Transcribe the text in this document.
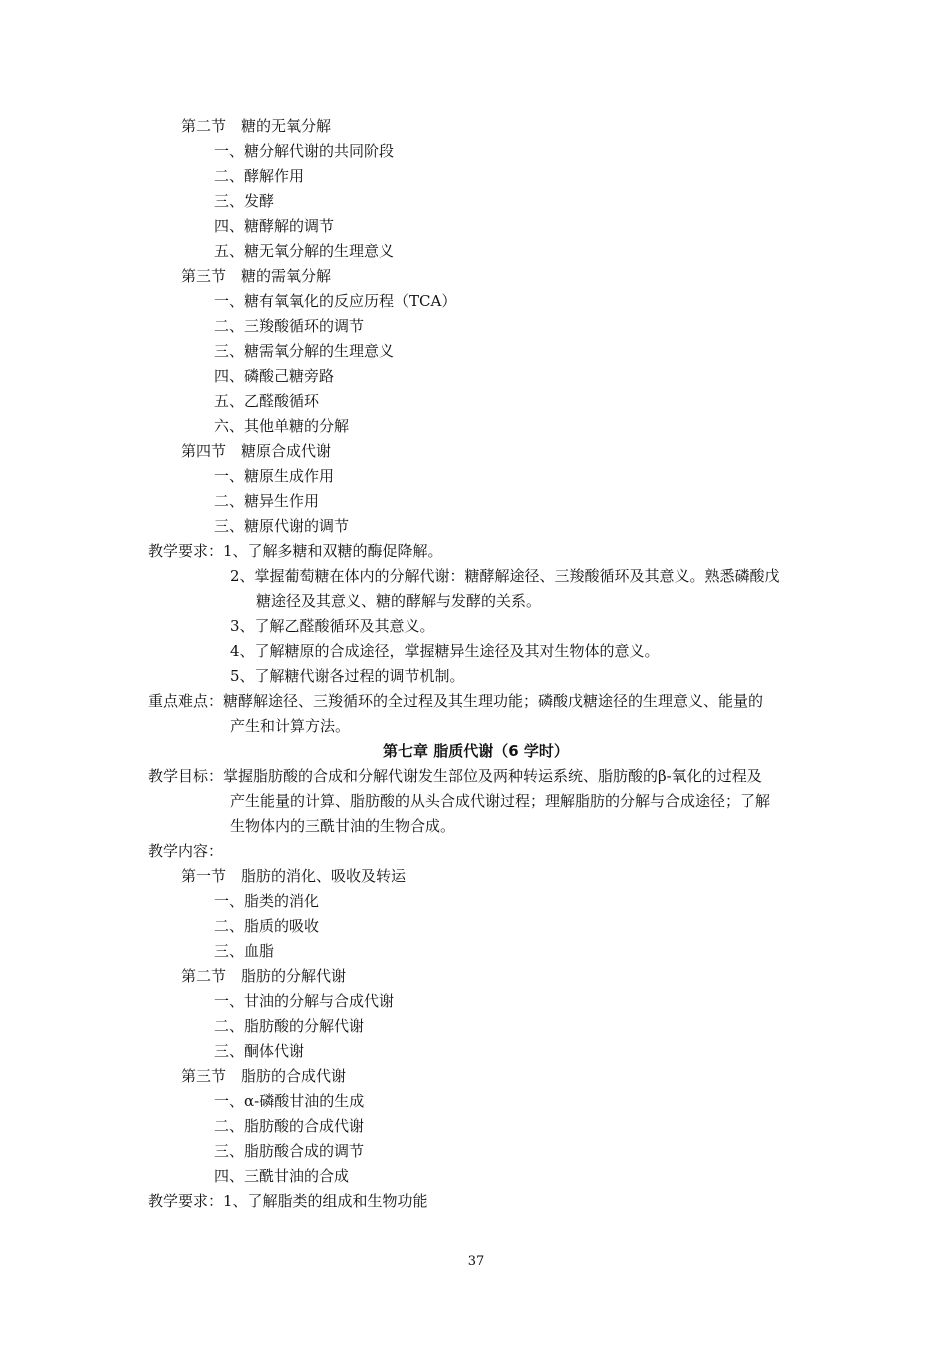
第二节　糖的无氧分解
一、糖分解代谢的共同阶段
二、酵解作用
三、发酵
四、糖酵解的调节
五、糖无氧分解的生理意义
第三节　糖的需氧分解
一、糖有氧氧化的反应历程（TCA）
二、三羧酸循环的调节
三、糖需氧分解的生理意义
四、磷酸己糖旁路
五、乙醛酸循环
六、其他单糖的分解
第四节　糖原合成代谢
一、糖原生成作用
二、糖异生作用
三、糖原代谢的调节
教学要求：1、了解多糖和双糖的酶促降解。
2、掌握葡萄糖在体内的分解代谢：糖酵解途径、三羧酸循环及其意义。熟悉磷酸戊
糖途径及其意义、糖的酵解与发酵的关系。
3、了解乙醛酸循环及其意义。
4、了解糖原的合成途径，掌握糖异生途径及其对生物体的意义。
5、了解糖代谢各过程的调节机制。
重点难点：糖酵解途径、三羧循环的全过程及其生理功能；磷酸戊糖途径的生理意义、能量的
产生和计算方法。
第七章 脂质代谢（6 学时）
教学目标：掌握脂肪酸的合成和分解代谢发生部位及两种转运系统、脂肪酸的β-氧化的过程及
产生能量的计算、脂肪酸的从头合成代谢过程；理解脂肪的分解与合成途径；了解
生物体内的三酰甘油的生物合成。
教学内容：
第一节　脂肪的消化、吸收及转运
一、脂类的消化
二、脂质的吸收
三、血脂
第二节　脂肪的分解代谢
一、甘油的分解与合成代谢
二、脂肪酸的分解代谢
三、酮体代谢
第三节　脂肪的合成代谢
一、α-磷酸甘油的生成
二、脂肪酸的合成代谢
三、脂肪酸合成的调节
四、三酰甘油的合成
教学要求：1、了解脂类的组成和生物功能
37
